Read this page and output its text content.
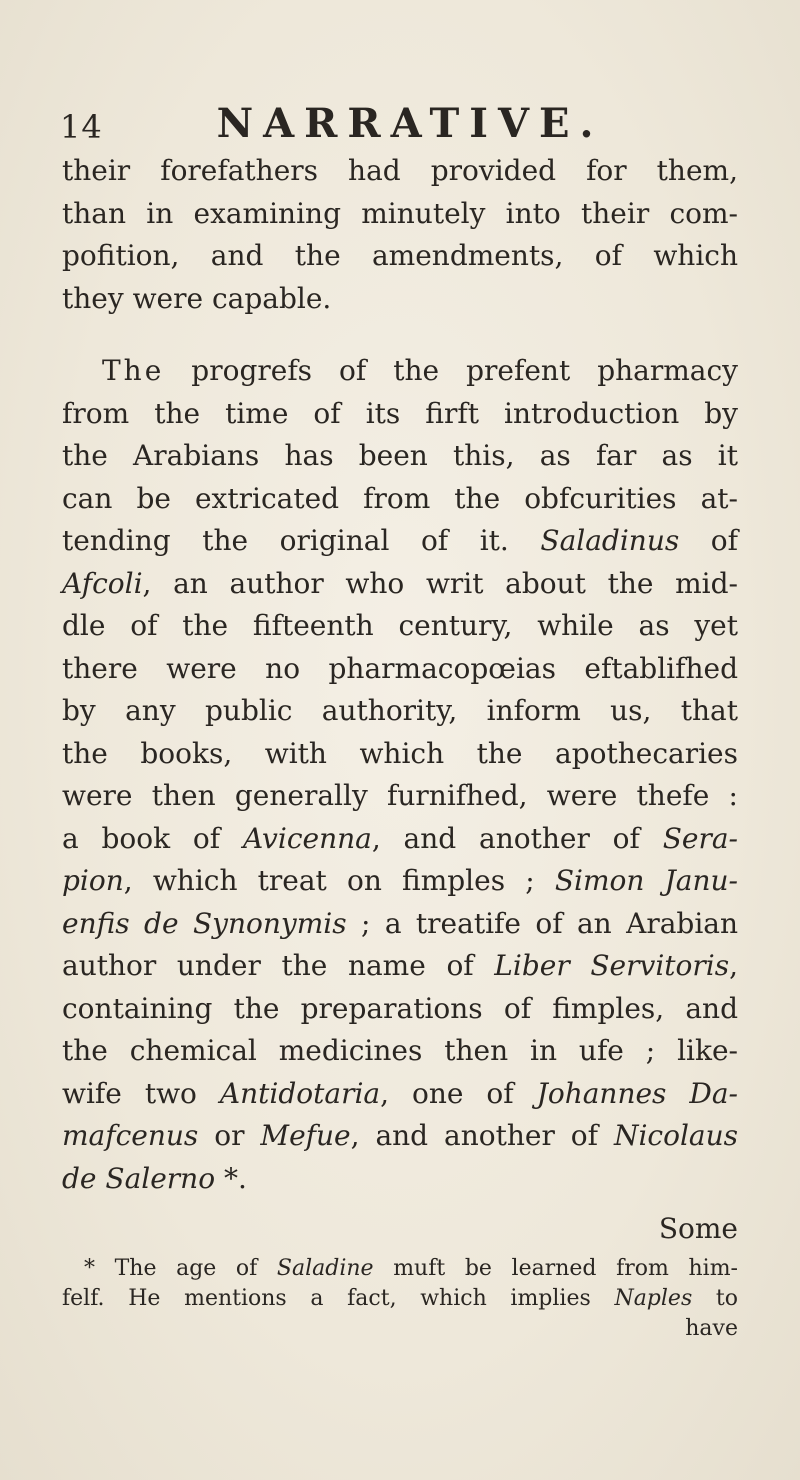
14	NARRATIVE.
their forefathers had provided for them,
than in examining minutely into their com-
pofition, and the amendments, of which
they were capable.
The progrefs of the prefent pharmacy
from the time of its firft introduction by
the Arabians has been this, as far as it
can be extricated from the obfcurities at-
tending the original of it. Saladinus of
Afcoli, an author who writ about the mid-
dle of the fifteenth century, while as yet
there were no pharmacopœias eftablifhed
by any public authority, inform us, that
the books, with which the apothecaries
were then generally furnifhed, were thefe :
a book of Avicenna, and another of Sera-
pion, which treat on fimples ; Simon Janu-
enfis de Synonymis ; a treatife of an Arabian
author under the name of Liber Servitoris,
containing the preparations of fimples, and
the chemical medicines then in ufe ; like-
wife two Antidotaria, one of Johannes Da-
mafcenus or Mefue, and another of Nicolaus
de Salerno *.
Some
* The age of Saladine muft be learned from him-
felf. He mentions a fact, which implies Naples to
have
